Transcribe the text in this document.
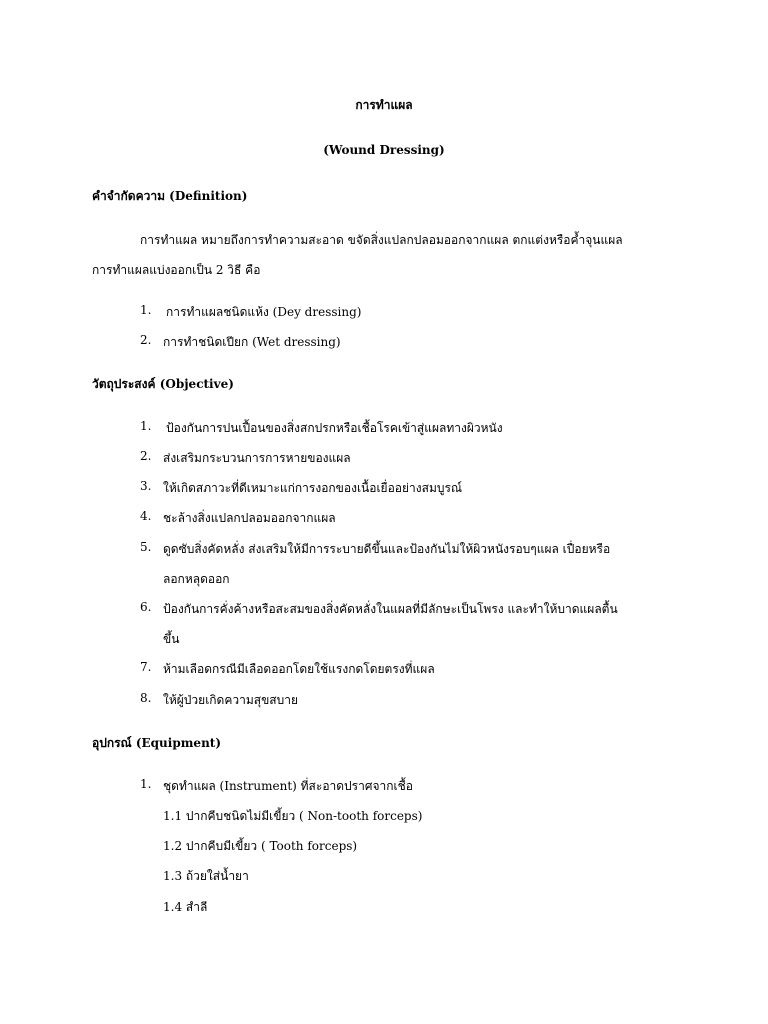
การทำแผล
(Wound Dressing)
คำจำกัดความ (Definition)
การทำแผล หมายถึงการทำความสะอาด ขจัดสิ่งแปลกปลอมออกจากแผล ตกแต่งหรือค้ำจุนแผล
การทำแผลแบ่งออกเป็น 2 วิธี คือ
1. การทำแผลชนิดแห้ง (Dey dressing)
2. การทำชนิดเปียก (Wet dressing)
วัตถุประสงค์ (Objective)
1. ป้องกันการปนเปื้อนของสิ่งสกปรกหรือเชื้อโรคเข้าสู่แผลทางผิวหนัง
2. ส่งเสริมกระบวนการการหายของแผล
3. ให้เกิดสภาวะที่ดีเหมาะแก่การงอกของเนื้อเยื่ออย่างสมบูรณ์
4. ชะล้างสิ่งแปลกปลอมออกจากแผล
5. ดูดซับสิ่งคัดหลั่ง ส่งเสริมให้มีการระบายดีขึ้นและป้องกันไม่ให้ผิวหนังรอบๆแผล เปื่อยหรือ
ลอกหลุดออก
6. ป้องกันการคั่งค้างหรือสะสมของสิ่งคัดหลั่งในแผลที่มีลักษะเป็นโพรง และทำให้บาดแผลตื้น
ขึ้น
7. ห้ามเลือดกรณีมีเลือดออกโดยใช้แรงกดโดยตรงที่แผล
8. ให้ผู้ป่วยเกิดความสุขสบาย
อุปกรณ์ (Equipment)
1. ชุดทำแผล (Instrument) ที่สะอาดปราศจากเชื้อ
1.1 ปากคีบชนิดไม่มีเขี้ยว ( Non-tooth forceps)
1.2 ปากคีบมีเขี้ยว ( Tooth forceps)
1.3 ถ้วยใส่น้ำยา
1.4 สำลี
